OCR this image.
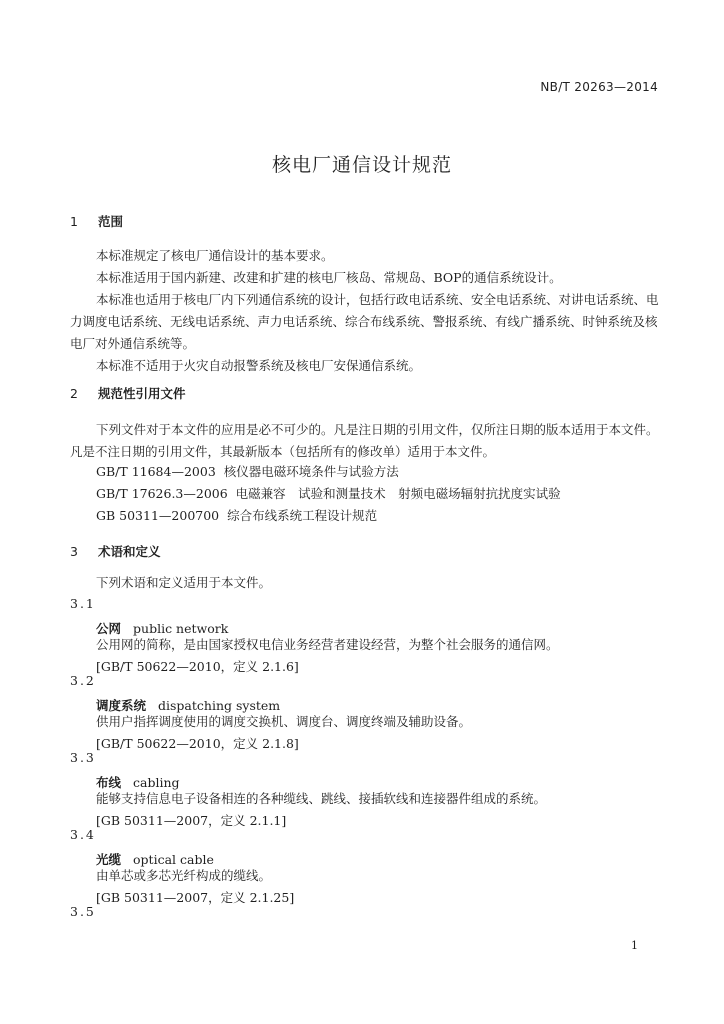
NB/T 20263—2014
核电厂通信设计规范
1 范围

本标准规定了核电厂通信设计的基本要求。

本标准适用于国内新建、改建和扩建的核电厂核岛、常规岛、BOP的通信系统设计。

本标准也适用于核电厂内下列通信系统的设计，包括行政电话系统、安全电话系统、对讲电话系统、电力调度电话系统、无线电话系统、声力电话系统、综合布线系统、警报系统、有线广播系统、时钟系统及核电厂对外通信系统等。

本标准不适用于火灾自动报警系统及核电厂安保通信系统。

2 规范性引用文件

下列文件对于本文件的应用是必不可少的。凡是注日期的引用文件，仅所注日期的版本适用于本文件。凡是不注日期的引用文件，其最新版本（包括所有的修改单）适用于本文件。

GB/T 11684—2003 核仪器电磁环境条件与试验方法
GB/T 17626.3—2006 电磁兼容　试验和测量技术　射频电磁场辐射抗扰度实试验
GB 50311—200700 综合布线系统工程设计规范
3 术语和定义
下列术语和定义适用于本文件。
3.1
公网 public network
公用网的简称，是由国家授权电信业务经营者建设经营，为整个社会服务的通信网。
[GB/T 50622—2010，定义 2.1.6]
3.2
调度系统 dispatching system
供用户指挥调度使用的调度交换机、调度台、调度终端及辅助设备。
[GB/T 50622—2010，定义 2.1.8]
3.3
布线 cabling
能够支持信息电子设备相连的各种缆线、跳线、接插软线和连接器件组成的系统。
[GB 50311—2007，定义 2.1.1]
3.4
光缆 optical cable
由单芯或多芯光纤构成的缆线。
[GB 50311—2007，定义 2.1.25]
3.5
1
